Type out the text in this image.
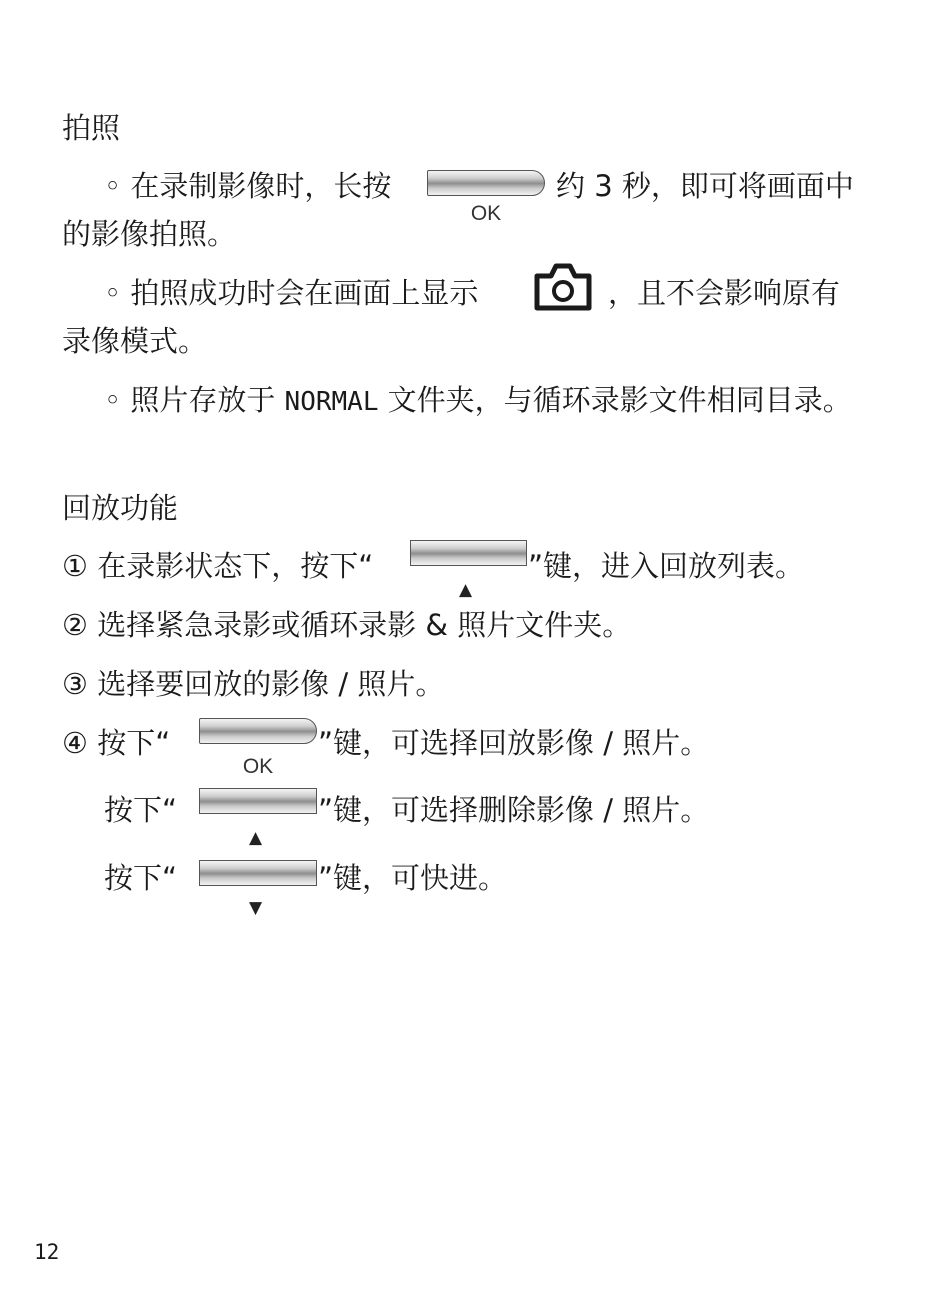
拍照
◦ 在录制影像时，长按
OK
约 3 秒，即可将画面中
的影像拍照。
◦ 拍照成功时会在画面上显示	，且不会影响原有
录像模式。
◦ 照片存放于 NORMAL 文件夹，与循环录影文件相同目录。
回放功能
① 在录影状态下，按下“
▲
”键，进入回放列表。
② 选择紧急录影或循环录影 & 照片文件夹。
③ 选择要回放的影像 / 照片。
④ 按下“
OK
”键，可选择回放影像 / 照片。
按下“
▲
”键，可选择删除影像 / 照片。
按下“
▼
”键，可快进。
12
